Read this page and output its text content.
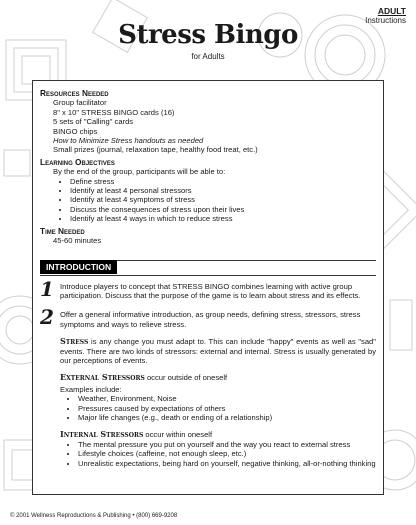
ADULT
Instructions
Stress Bingo
for Adults
Resources Needed
Group facilitator
8" x 10" STRESS BINGO cards (16)
5 sets of "Calling" cards
BINGO chips
How to Minimize Stress handouts as needed
Small prizes (journal, relaxation tape, healthy food treat, etc.)
Learning Objectives
By the end of the group, participants will be able to:
• Define stress
• Identify at least 4 personal stressors
• Identify at least 4 symptoms of stress
• Discuss the consequences of stress upon their lives
• Identify at least 4 ways in which to reduce stress
Time Needed
45-60 minutes
INTRODUCTION
1 Introduce players to concept that STRESS BINGO combines learning with active group participation. Discuss that the purpose of the game is to learn about stress and its effects.
2 Offer a general informative introduction, as group needs, defining stress, stressors, stress symptoms and ways to relieve stress.
Stress is any change you must adapt to. This can include "happy" events as well as "sad" events. There are two kinds of stressors: external and internal. Stress is usually generated by our perceptions of events.
External Stressors occur outside of oneself
Examples include:
• Weather, Environment, Noise
• Pressures caused by expectations of others
• Major life changes (e.g., death or ending of a relationship)
Internal Stressors occur within oneself
• The mental pressure you put on yourself and the way you react to external stress
• Lifestyle choices (caffeine, not enough sleep, etc.)
• Unrealistic expectations, being hard on yourself, negative thinking, all-or-nothing thinking
© 2001 Wellness Reproductions & Publishing • (800) 669-9208
